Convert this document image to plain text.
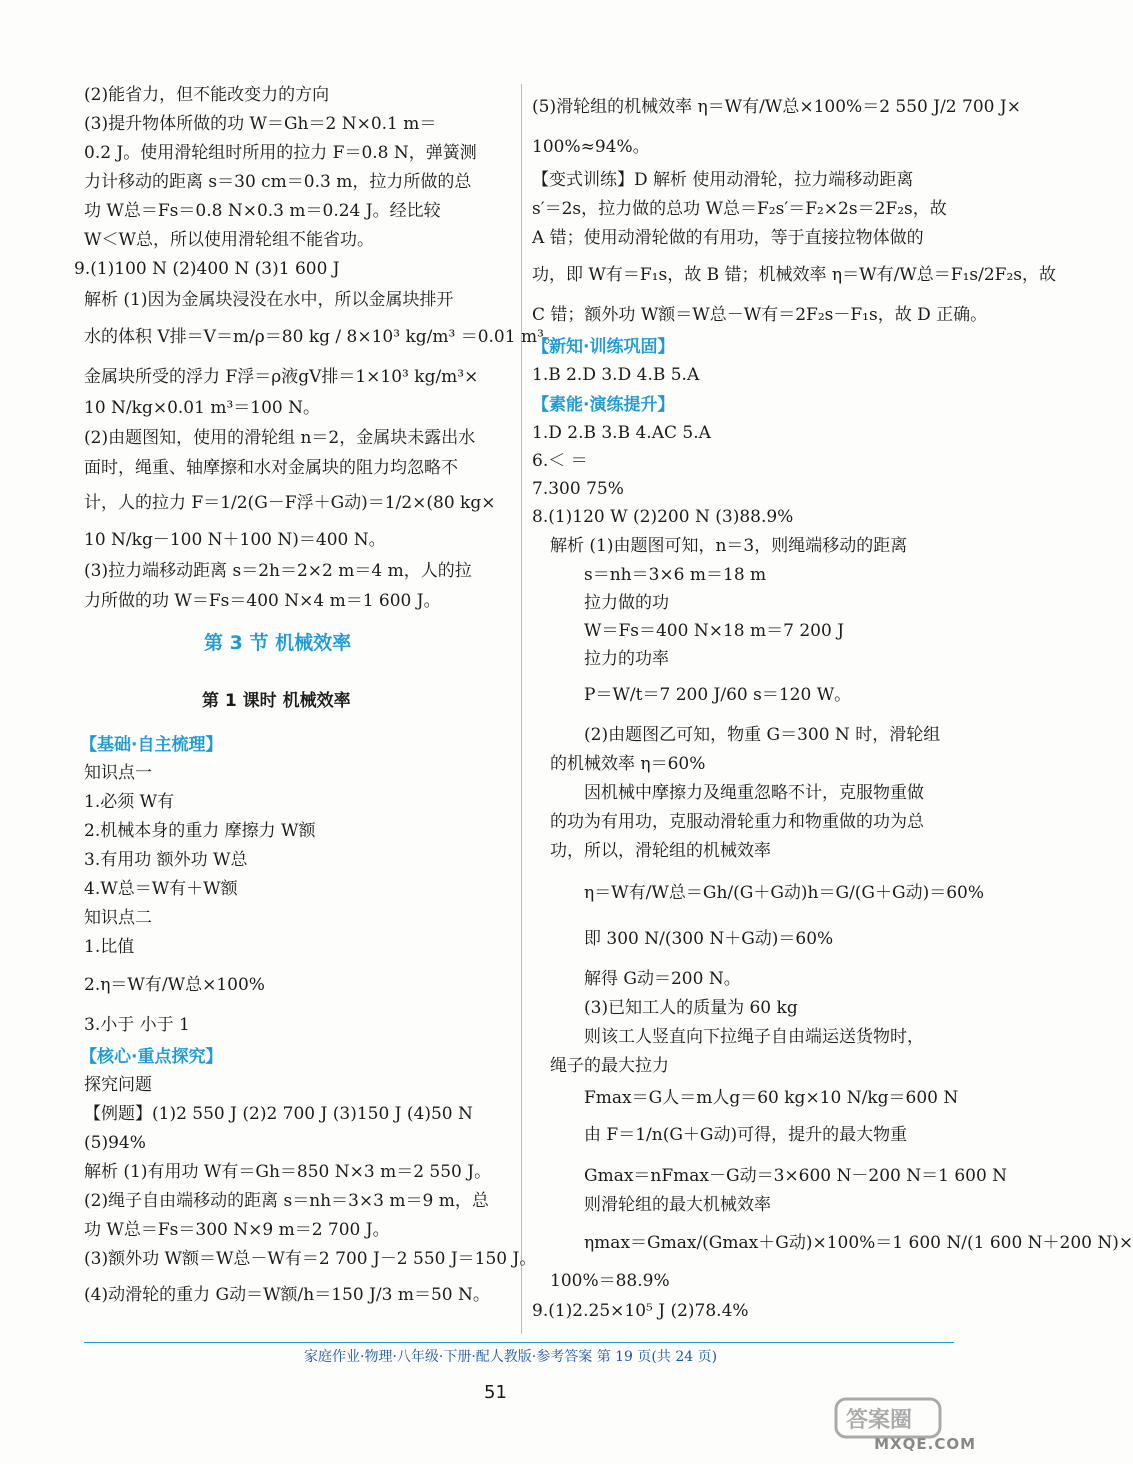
(2)能省力，但不能改变力的方向
(3)提升物体所做的功 W＝Gh＝2 N×0.1 m＝
0.2 J。使用滑轮组时所用的拉力 F＝0.8 N，弹簧测
力计移动的距离 s＝30 cm＝0.3 m，拉力所做的总
功 W总＝Fs＝0.8 N×0.3 m＝0.24 J。经比较
W＜W总，所以使用滑轮组不能省功。
9.(1)100 N (2)400 N (3)1 600 J
解析 (1)因为金属块浸没在水中，所以金属块排开
水的体积 V排＝V＝m/ρ＝80 kg / 8×10³ kg/m³ ＝0.01 m³。
金属块所受的浮力 F浮＝ρ液gV排＝1×10³ kg/m³×
10 N/kg×0.01 m³＝100 N。
(2)由题图知，使用的滑轮组 n＝2，金属块未露出水
面时，绳重、轴摩擦和水对金属块的阻力均忽略不
计，人的拉力 F＝1/2(G－F浮＋G动)＝1/2×(80 kg×
10 N/kg－100 N＋100 N)＝400 N。
(3)拉力端移动距离 s＝2h＝2×2 m＝4 m，人的拉
力所做的功 W＝Fs＝400 N×4 m＝1 600 J。
第 3 节 机械效率
第 1 课时 机械效率
【基础·自主梳理】
知识点一
1.必须 W有
2.机械本身的重力 摩擦力 W额
3.有用功 额外功 W总
4.W总＝W有＋W额
知识点二
1.比值
2.η＝W有/W总×100%
3.小于 小于 1
【核心·重点探究】
探究问题
【例题】(1)2 550 J (2)2 700 J (3)150 J (4)50 N
(5)94%
解析 (1)有用功 W有＝Gh＝850 N×3 m＝2 550 J。
(2)绳子自由端移动的距离 s＝nh＝3×3 m＝9 m，总
功 W总＝Fs＝300 N×9 m＝2 700 J。
(3)额外功 W额＝W总－W有＝2 700 J－2 550 J＝150 J。
(4)动滑轮的重力 G动＝W额/h＝150 J/3 m＝50 N。
(5)滑轮组的机械效率 η＝W有/W总×100%＝2 550 J/2 700 J×
100%≈94%。
【变式训练】D 解析 使用动滑轮，拉力端移动距离
s′＝2s，拉力做的总功 W总＝F₂s′＝F₂×2s＝2F₂s，故
A 错；使用动滑轮做的有用功，等于直接拉物体做的
功，即 W有＝F₁s，故 B 错；机械效率 η＝W有/W总＝F₁s/2F₂s，故
C 错；额外功 W额＝W总－W有＝2F₂s－F₁s，故 D 正确。
【新知·训练巩固】
1.B 2.D 3.D 4.B 5.A
【素能·演练提升】
1.D 2.B 3.B 4.AC 5.A
6.＜ ＝
7.300 75%
8.(1)120 W (2)200 N (3)88.9%
解析 (1)由题图可知，n＝3，则绳端移动的距离
s＝nh＝3×6 m＝18 m
拉力做的功
W＝Fs＝400 N×18 m＝7 200 J
拉力的功率
P＝W/t＝7 200 J/60 s＝120 W。
(2)由题图乙可知，物重 G＝300 N 时，滑轮组
的机械效率 η＝60%
因机械中摩擦力及绳重忽略不计，克服物重做
的功为有用功，克服动滑轮重力和物重做的功为总
功，所以，滑轮组的机械效率
η＝W有/W总＝Gh/(G＋G动)h＝G/(G＋G动)＝60%
即 300 N/(300 N＋G动)＝60%
解得 G动＝200 N。
(3)已知工人的质量为 60 kg
则该工人竖直向下拉绳子自由端运送货物时，
绳子的最大拉力
Fmax＝G人＝m人g＝60 kg×10 N/kg＝600 N
由 F＝1/n(G＋G动)可得，提升的最大物重
Gmax＝nFmax－G动＝3×600 N－200 N＝1 600 N
则滑轮组的最大机械效率
ηmax＝Gmax/(Gmax＋G动)×100%＝1 600 N/(1 600 N＋200 N)×
100%＝88.9%
9.(1)2.25×10⁵ J (2)78.4%
家庭作业·物理·八年级·下册·配人教版·参考答案 第 19 页(共 24 页)
51
答案圈
MXQE.COM
